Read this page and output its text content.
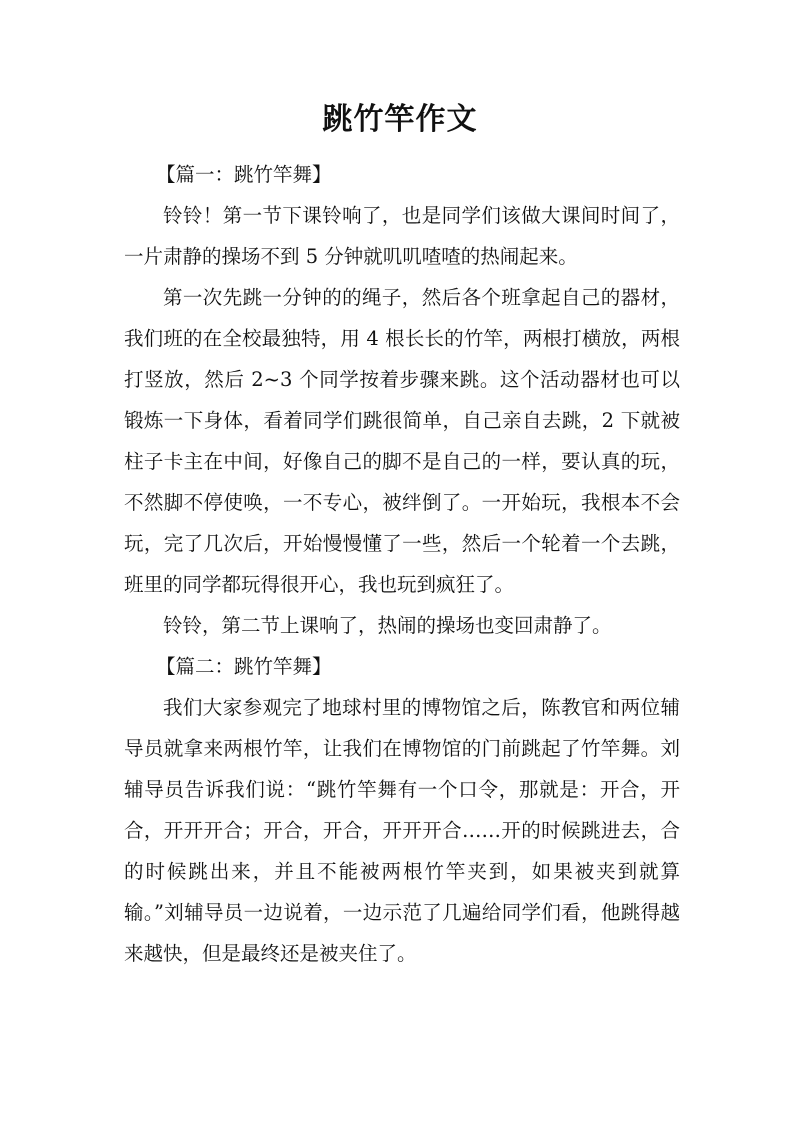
跳竹竿作文
【篇一：跳竹竿舞】

铃铃！第一节下课铃响了，也是同学们该做大课间时间了，一片肃静的操场不到 5 分钟就叽叽喳喳的热闹起来。

第一次先跳一分钟的的绳子，然后各个班拿起自己的器材，我们班的在全校最独特，用 4 根长长的竹竿，两根打横放，两根打竖放，然后 2~3 个同学按着步骤来跳。这个活动器材也可以锻炼一下身体，看着同学们跳很简单，自己亲自去跳，2 下就被柱子卡主在中间，好像自己的脚不是自己的一样，要认真的玩，不然脚不停使唤，一不专心，被绊倒了。一开始玩，我根本不会玩，完了几次后，开始慢慢懂了一些，然后一个轮着一个去跳，班里的同学都玩得很开心，我也玩到疯狂了。

铃铃，第二节上课响了，热闹的操场也变回肃静了。

【篇二：跳竹竿舞】

我们大家参观完了地球村里的博物馆之后，陈教官和两位辅导员就拿来两根竹竿，让我们在博物馆的门前跳起了竹竿舞。刘辅导员告诉我们说：“跳竹竿舞有一个口令，那就是：开合，开合，开开开合；开合，开合，开开开合……开的时候跳进去，合的时候跳出来，并且不能被两根竹竿夹到，如果被夹到就算输。”刘辅导员一边说着，一边示范了几遍给同学们看，他跳得越来越快，但是最终还是被夹住了。
